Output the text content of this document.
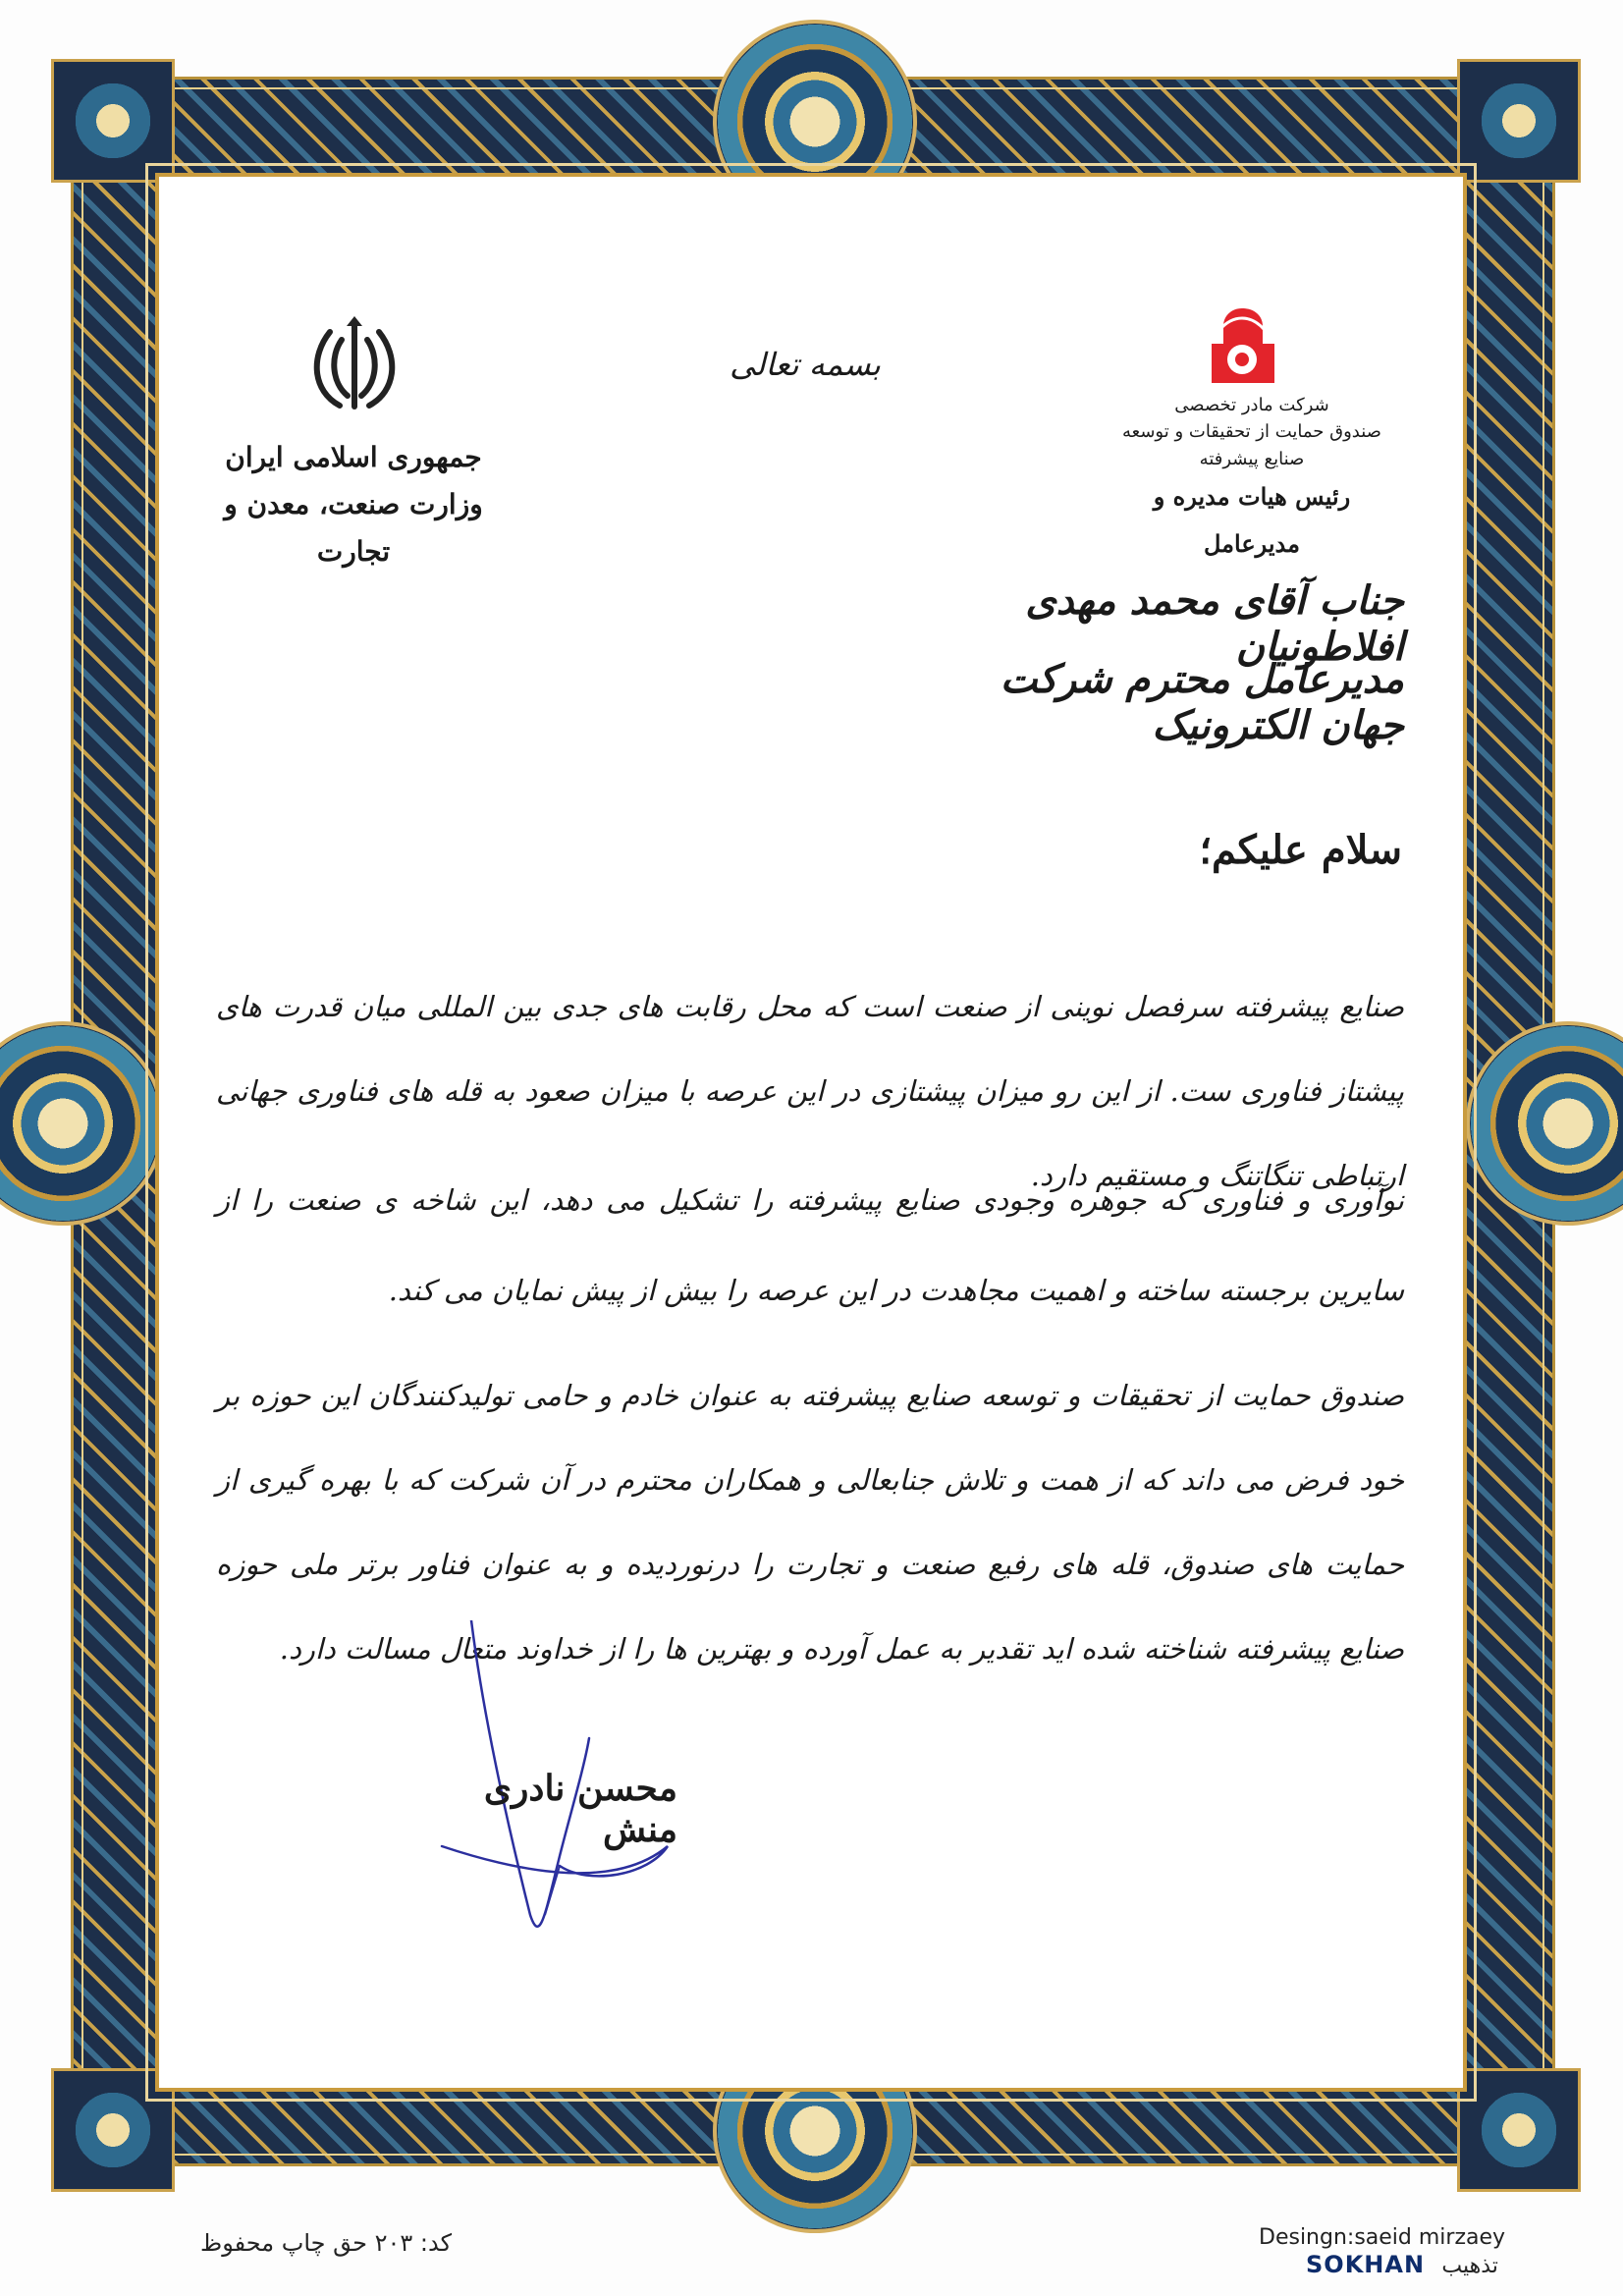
جمهوری اسلامی ایران
وزارت صنعت، معدن و تجارت
بسمه تعالی
شرکت مادر تخصصی
صندوق حمایت از تحقیقات و توسعه صنایع پیشرفته
رئیس هیات مدیره و مدیرعامل
جناب آقای محمد مهدی افلاطونیان
مدیرعامل محترم شرکت جهان الکترونیک
سلام علیکم؛
صنایع پیشرفته سرفصل نوینی از صنعت است که محل رقابت های جدی بین المللی میان قدرت های پیشتاز فناوری ست. از این رو میزان پیشتازی در این عرصه با میزان صعود به قله های فناوری جهانی ارتباطی تنگاتنگ و مستقیم دارد.
نوآوری و فناوری که جوهره وجودی صنایع پیشرفته را تشکیل می دهد، این شاخه ی صنعت را از سایرین برجسته ساخته و اهمیت مجاهدت در این عرصه را بیش از پیش نمایان می کند.
صندوق حمایت از تحقیقات و توسعه صنایع پیشرفته به عنوان خادم و حامی تولیدکنندگان این حوزه بر خود فرض می داند که از همت و تلاش جنابعالی و همکاران محترم در آن شرکت که با بهره گیری از حمایت های صندوق، قله های رفیع صنعت و تجارت را درنوردیده و به عنوان فناور برتر ملی حوزه صنایع پیشرفته شناخته شده اید تقدیر به عمل آورده و بهترین ها را از خداوند متعال مسالت دارد.
محسن نادری منش
کد: ۲۰۳ حق چاپ محفوظ	Desingn:saeid mirzaey
SOKHAN تذهیب
